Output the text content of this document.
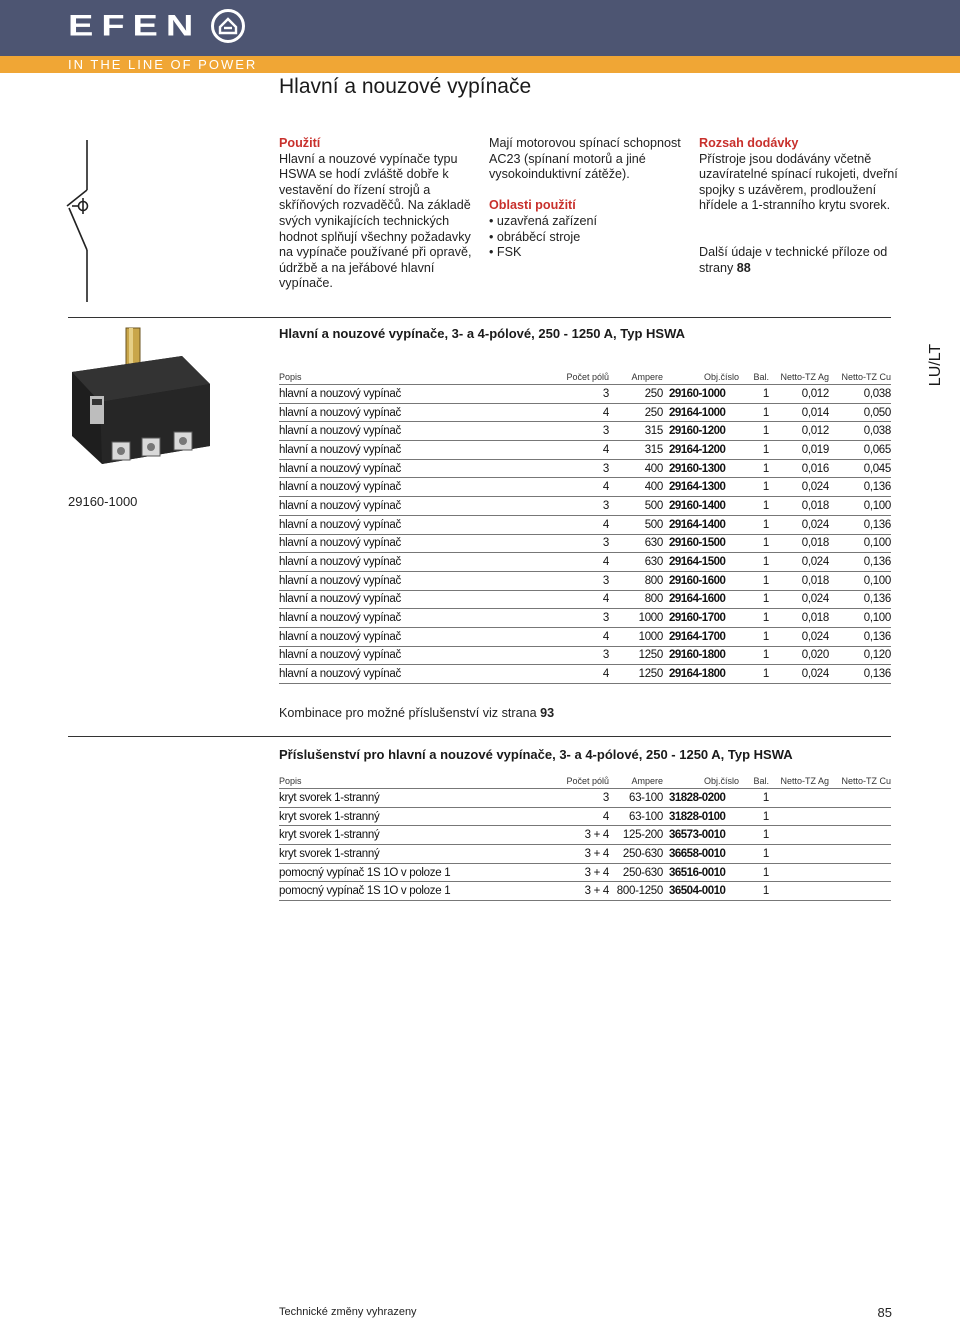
EFEN
IN THE LINE OF POWER
Hlavní a nouzové vypínače
Použití

Hlavní a nouzové vypínače typu HSWA se hodí zvláště dobře k vestavění do řízení strojů a skříňových rozvaděčů. Na základě svých vynikajících technických hodnot splňují všechny požadavky na vypínače používané při opravě, údržbě a na jeřábové hlavní vypínače.

Mají motorovou spínací schopnost AC23 (spínaní motorů a jiné vysokoinduktivní zátěže).

Oblasti použití
• uzavřená zařízení
• obráběcí stroje
• FSK
Rozsah dodávky

Přístroje jsou dodávány včetně uzavíratelné spínací rukojeti, dveřní spojky s uzávěrem, prodloužení hřídele a 1-stranního krytu svorek.

Další údaje v technické příloze od strany 88

Hlavní a nouzové vypínače, 3- a 4-pólové, 250 - 1250 A, Typ HSWA
LU/LT
29160-1000
Popis	Počet pólů	Ampere	Obj.číslo	Bal.	Netto-TZ Ag	Netto-TZ Cu
hlavní a nouzový vypínač	3	250	29160-1000	1	0,012	0,038
hlavní a nouzový vypínač	4	250	29164-1000	1	0,014	0,050
hlavní a nouzový vypínač	3	315	29160-1200	1	0,012	0,038
hlavní a nouzový vypínač	4	315	29164-1200	1	0,019	0,065
hlavní a nouzový vypínač	3	400	29160-1300	1	0,016	0,045
hlavní a nouzový vypínač	4	400	29164-1300	1	0,024	0,136
hlavní a nouzový vypínač	3	500	29160-1400	1	0,018	0,100
hlavní a nouzový vypínač	4	500	29164-1400	1	0,024	0,136
hlavní a nouzový vypínač	3	630	29160-1500	1	0,018	0,100
hlavní a nouzový vypínač	4	630	29164-1500	1	0,024	0,136
hlavní a nouzový vypínač	3	800	29160-1600	1	0,018	0,100
hlavní a nouzový vypínač	4	800	29164-1600	1	0,024	0,136
hlavní a nouzový vypínač	3	1000	29160-1700	1	0,018	0,100
hlavní a nouzový vypínač	4	1000	29164-1700	1	0,024	0,136
hlavní a nouzový vypínač	3	1250	29160-1800	1	0,020	0,120
hlavní a nouzový vypínač	4	1250	29164-1800	1	0,024	0,136
Kombinace pro možné příslušenství viz strana 93
Příslušenství pro hlavní a nouzové vypínače, 3- a 4-pólové, 250 - 1250 A, Typ HSWA
Popis	Počet pólů	Ampere	Obj.číslo	Bal.	Netto-TZ Ag	Netto-TZ Cu
kryt svorek 1-stranný	3	63-100	31828-0200	1		
kryt svorek 1-stranný	4	63-100	31828-0100	1		
kryt svorek 1-stranný	3 + 4	125-200	36573-0010	1		
kryt svorek 1-stranný	3 + 4	250-630	36658-0010	1		
pomocný vypínač 1S 1O v poloze 1	3 + 4	250-630	36516-0010	1		
pomocný vypínač 1S 1O v poloze 1	3 + 4	800-1250	36504-0010	1		
Technické změny vyhrazeny	85
